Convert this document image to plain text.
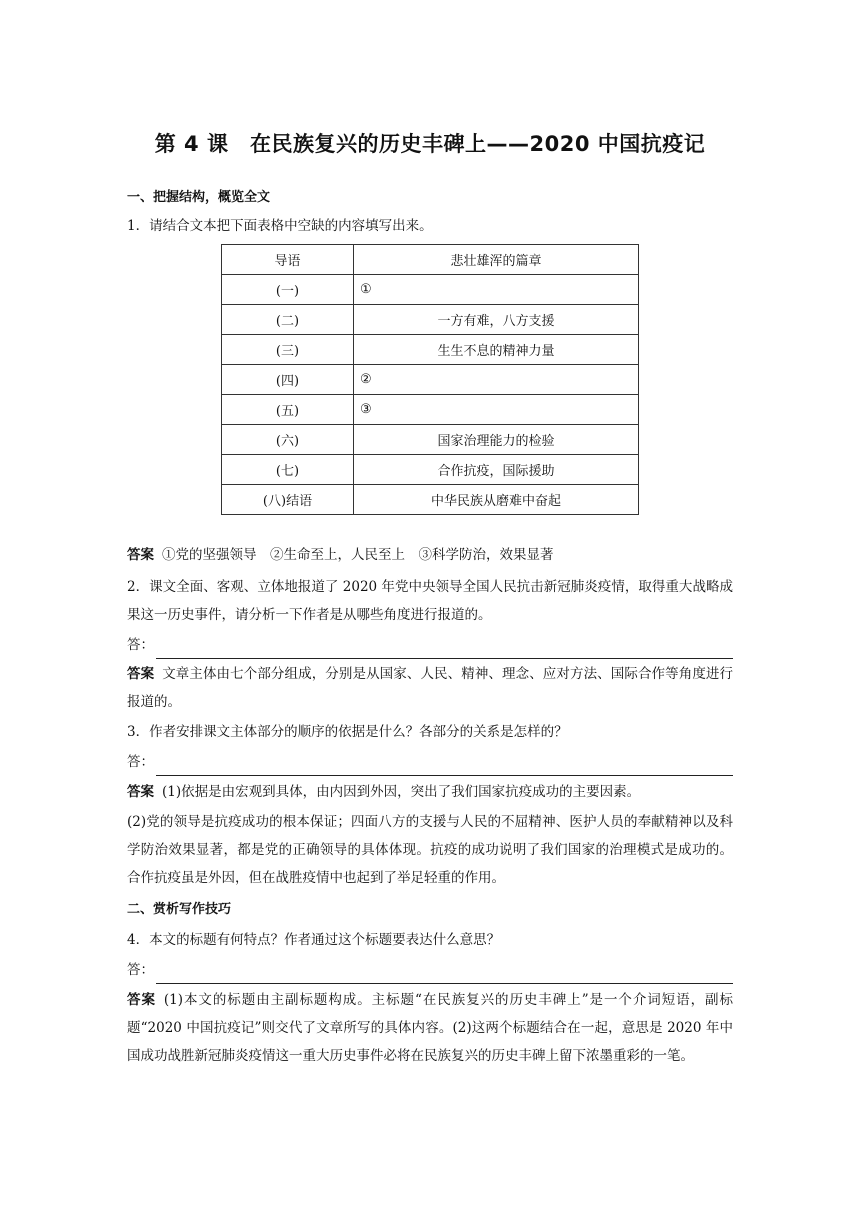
第 4 课　在民族复兴的历史丰碑上——2020 中国抗疫记
一、把握结构，概览全文
1．请结合文本把下面表格中空缺的内容填写出来。
导语	悲壮雄浑的篇章
(一)	①
(二)	一方有难，八方支援
(三)	生生不息的精神力量
(四)	②
(五)	③
(六)	国家治理能力的检验
(七)	合作抗疫，国际援助
(八)结语	中华民族从磨难中奋起
答案 ①党的坚强领导　②生命至上，人民至上　③科学防治，效果显著
2．课文全面、客观、立体地报道了 2020 年党中央领导全国人民抗击新冠肺炎疫情，取得重大战略成果这一历史事件，请分析一下作者是从哪些角度进行报道的。
答：
答案 文章主体由七个部分组成，分别是从国家、人民、精神、理念、应对方法、国际合作等角度进行报道的。
3．作者安排课文主体部分的顺序的依据是什么？各部分的关系是怎样的？
答：
答案 (1)依据是由宏观到具体，由内因到外因，突出了我们国家抗疫成功的主要因素。
(2)党的领导是抗疫成功的根本保证；四面八方的支援与人民的不屈精神、医护人员的奉献精神以及科学防治效果显著，都是党的正确领导的具体体现。抗疫的成功说明了我们国家的治理模式是成功的。合作抗疫虽是外因，但在战胜疫情中也起到了举足轻重的作用。
二、赏析写作技巧
4．本文的标题有何特点？作者通过这个标题要表达什么意思？
答：
答案 (1)本文的标题由主副标题构成。主标题“在民族复兴的历史丰碑上”是一个介词短语，副标题“2020 中国抗疫记”则交代了文章所写的具体内容。(2)这两个标题结合在一起，意思是 2020 年中国成功战胜新冠肺炎疫情这一重大历史事件必将在民族复兴的历史丰碑上留下浓墨重彩的一笔。
